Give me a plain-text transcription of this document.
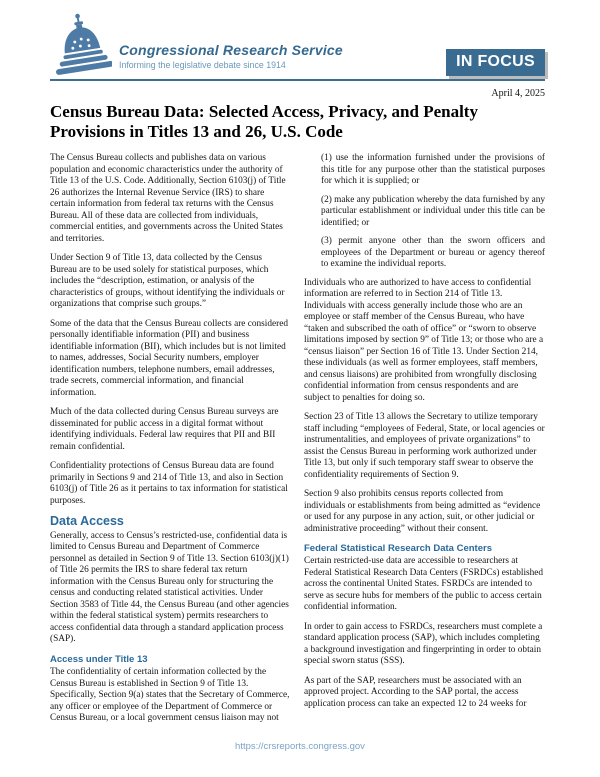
Congressional Research Service
Informing the legislative debate since 1914	IN FOCUS
April 4, 2025
Census Bureau Data: Selected Access, Privacy, and Penalty Provisions in Titles 13 and 26, U.S. Code
The Census Bureau collects and publishes data on various population and economic characteristics under the authority of Title 13 of the U.S. Code. Additionally, Section 6103(j) of Title 26 authorizes the Internal Revenue Service (IRS) to share certain information from federal tax returns with the Census Bureau. All of these data are collected from individuals, commercial entities, and governments across the United States and territories.
Under Section 9 of Title 13, data collected by the Census Bureau are to be used solely for statistical purposes, which includes the “description, estimation, or analysis of the characteristics of groups, without identifying the individuals or organizations that comprise such groups.”
Some of the data that the Census Bureau collects are considered personally identifiable information (PII) and business identifiable information (BII), which includes but is not limited to names, addresses, Social Security numbers, employer identification numbers, telephone numbers, email addresses, trade secrets, commercial information, and financial information.
Much of the data collected during Census Bureau surveys are disseminated for public access in a digital format without identifying individuals. Federal law requires that PII and BII remain confidential.
Confidentiality protections of Census Bureau data are found primarily in Sections 9 and 214 of Title 13, and also in Section 6103(j) of Title 26 as it pertains to tax information for statistical purposes.
Data Access
Generally, access to Census’s restricted-use, confidential data is limited to Census Bureau and Department of Commerce personnel as detailed in Section 9 of Title 13. Section 6103(j)(1) of Title 26 permits the IRS to share federal tax return information with the Census Bureau only for structuring the census and conducting related statistical activities. Under Section 3583 of Title 44, the Census Bureau (and other agencies within the federal statistical system) permits researchers to access confidential data through a standard application process (SAP).
Access under Title 13
The confidentiality of certain information collected by the Census Bureau is established in Section 9 of Title 13. Specifically, Section 9(a) states that the Secretary of Commerce, any officer or employee of the Department of Commerce or Census Bureau, or a local government census liaison may not
(1) use the information furnished under the provisions of this title for any purpose other than the statistical purposes for which it is supplied; or
(2) make any publication whereby the data furnished by any particular establishment or individual under this title can be identified; or
(3) permit anyone other than the sworn officers and employees of the Department or bureau or agency thereof to examine the individual reports.
Individuals who are authorized to have access to confidential information are referred to in Section 214 of Title 13. Individuals with access generally include those who are an employee or staff member of the Census Bureau, who have “taken and subscribed the oath of office” or “sworn to observe limitations imposed by section 9” of Title 13; or those who are a “census liaison” per Section 16 of Title 13. Under Section 214, these individuals (as well as former employees, staff members, and census liaisons) are prohibited from wrongfully disclosing confidential information from census respondents and are subject to penalties for doing so.
Section 23 of Title 13 allows the Secretary to utilize temporary staff including “employees of Federal, State, or local agencies or instrumentalities, and employees of private organizations” to assist the Census Bureau in performing work authorized under Title 13, but only if such temporary staff swear to observe the confidentiality requirements of Section 9.
Section 9 also prohibits census reports collected from individuals or establishments from being admitted as “evidence or used for any purpose in any action, suit, or other judicial or administrative proceeding” without their consent.
Federal Statistical Research Data Centers
Certain restricted-use data are accessible to researchers at Federal Statistical Research Data Centers (FSRDCs) established across the continental United States. FSRDCs are intended to serve as secure hubs for members of the public to access certain confidential information.
In order to gain access to FSRDCs, researchers must complete a standard application process (SAP), which includes completing a background investigation and fingerprinting in order to obtain special sworn status (SSS).
As part of the SAP, researchers must be associated with an approved project. According to the SAP portal, the access application process can take an expected 12 to 24 weeks for
https://crsreports.congress.gov
